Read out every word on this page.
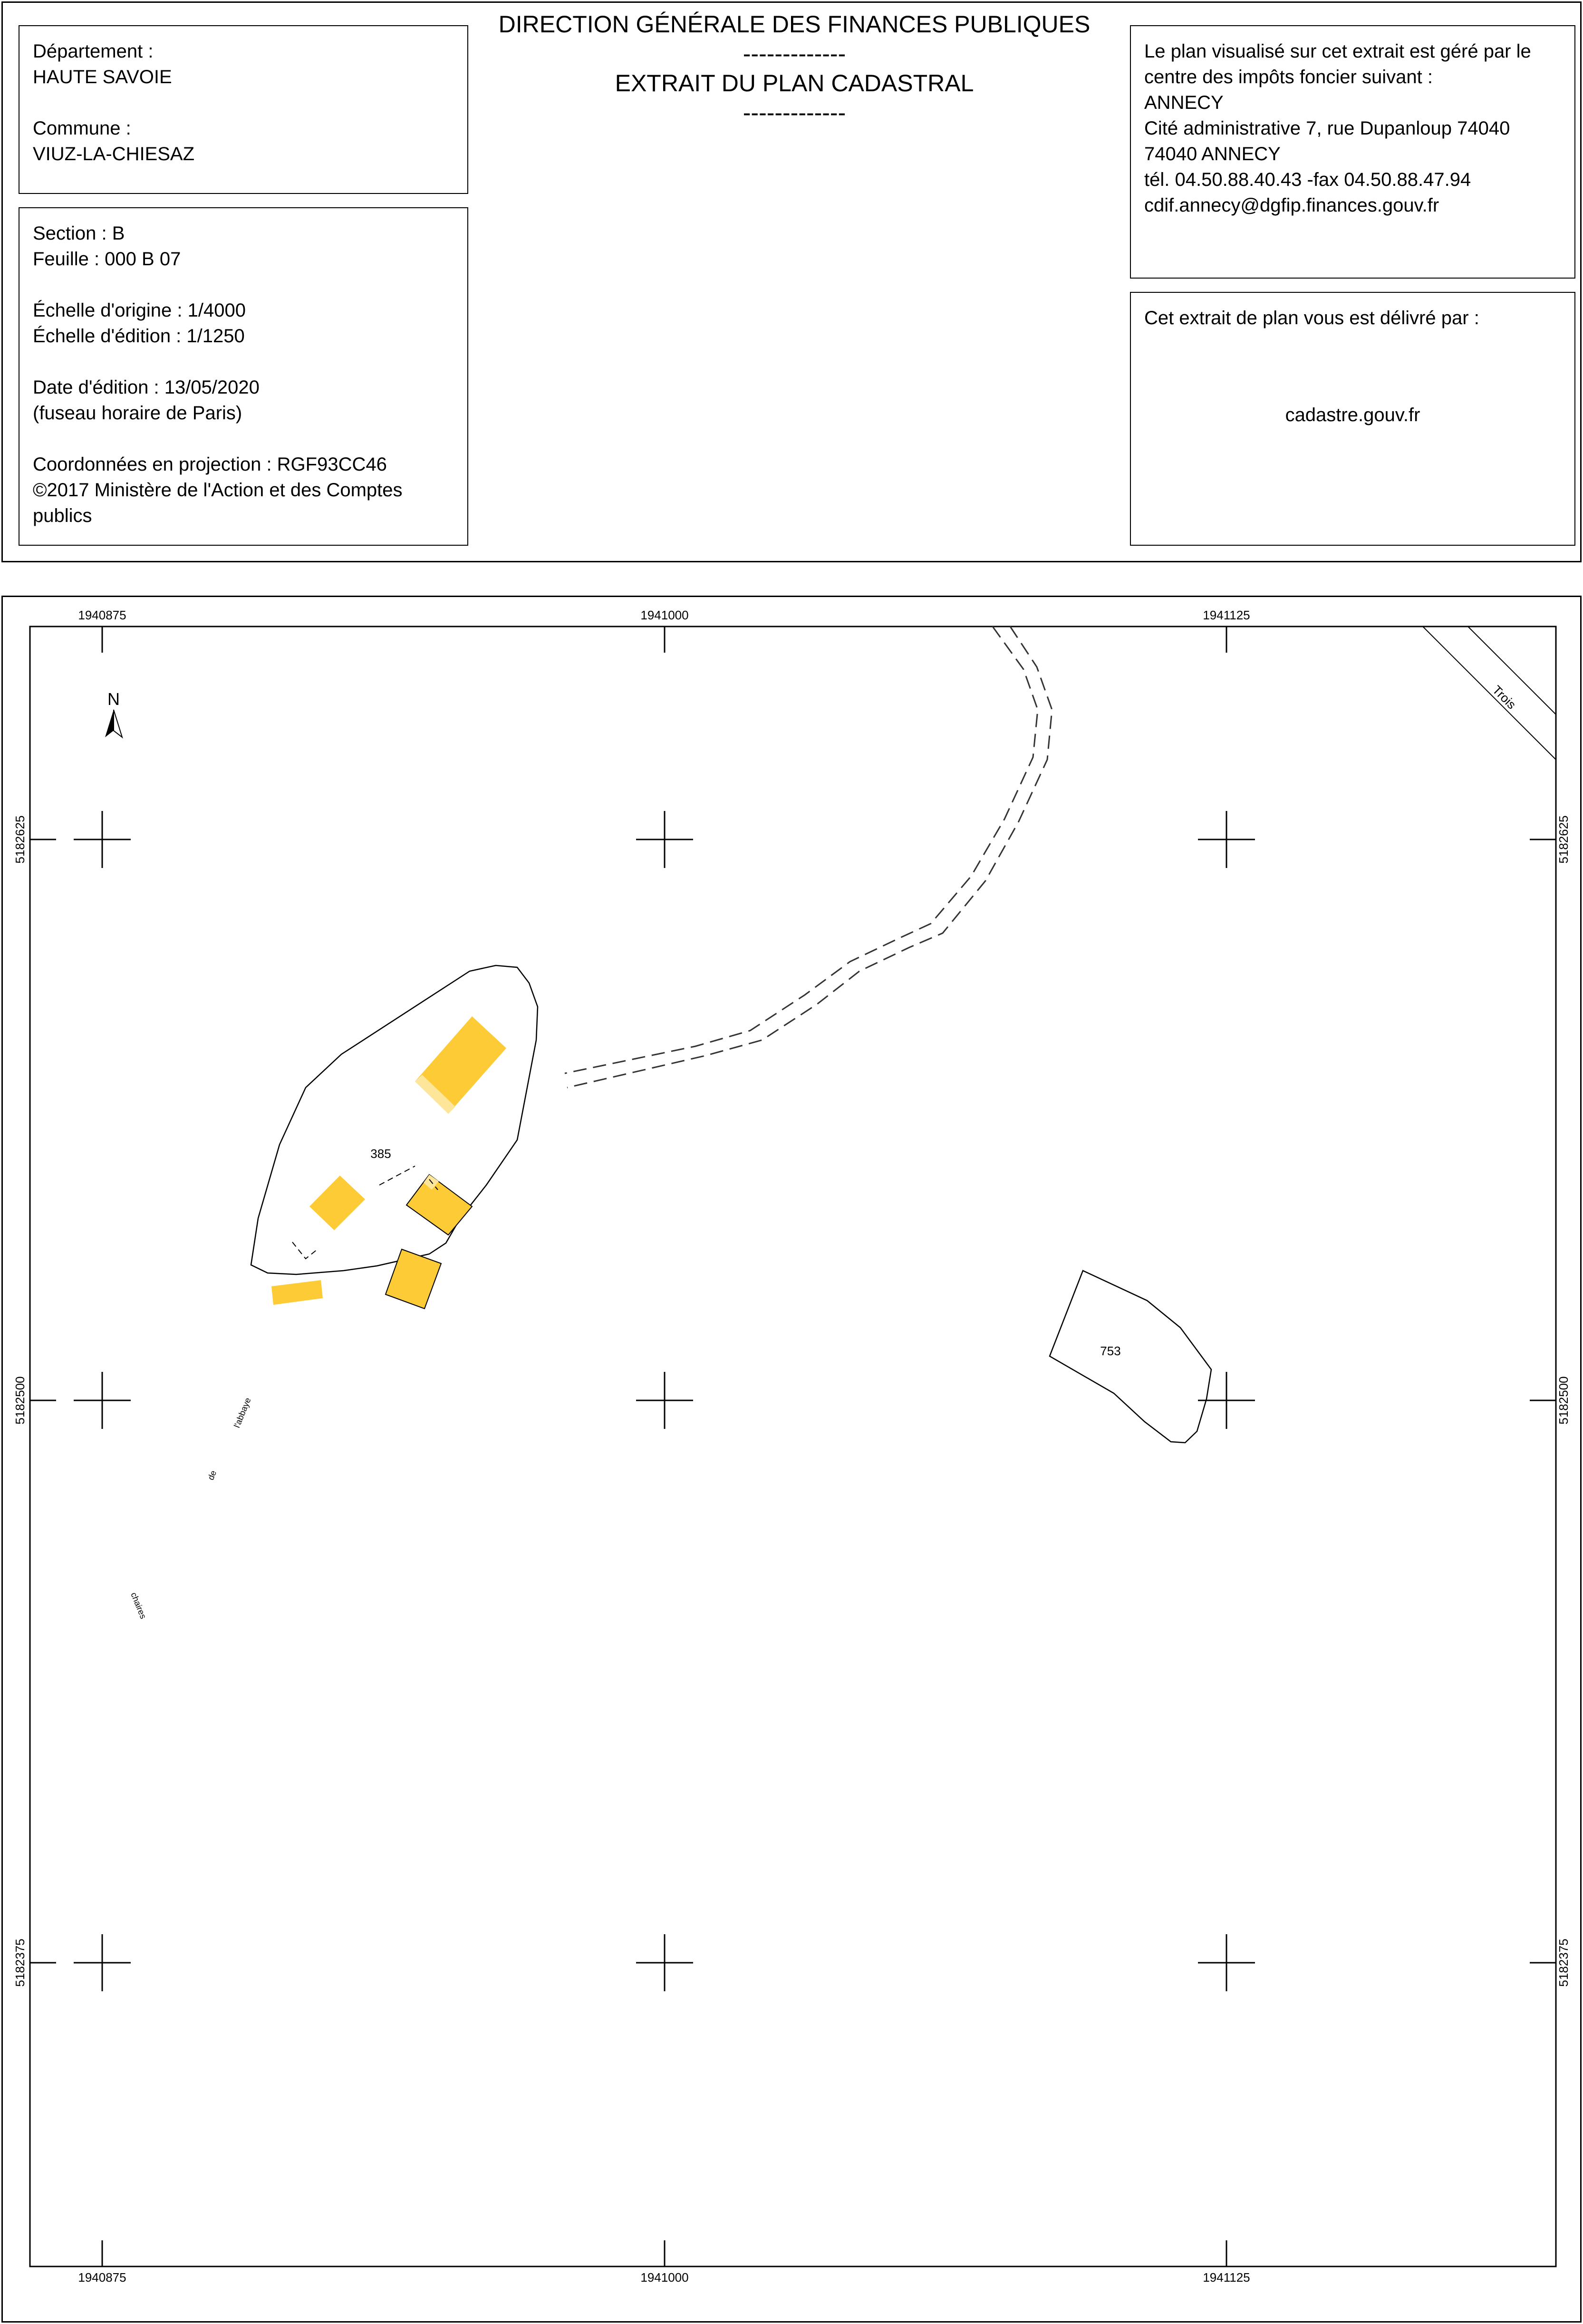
Département :
HAUTE SAVOIE
Commune :
VIUZ-LA-CHIESAZ
Section : B
Feuille : 000 B 07
Échelle d'origine : 1/4000
Échelle d'édition : 1/1250
Date d'édition : 13/05/2020
(fuseau horaire de Paris)
Coordonnées en projection : RGF93CC46
©2017 Ministère de l'Action et des Comptes
publics
DIRECTION GÉNÉRALE DES FINANCES PUBLIQUES
-------------
EXTRAIT DU PLAN CADASTRAL
-------------
Le plan visualisé sur cet extrait est géré par le
centre des impôts foncier suivant :
ANNECY
Cité administrative 7, rue Dupanloup 74040
74040 ANNECY
tél. 04.50.88.40.43 -fax 04.50.88.47.94
cdif.annecy@dgfip.finances.gouv.fr
Cet extrait de plan vous est délivré par :
cadastre.gouv.fr
1940875	1941000	1941125
1940875	1941000	1941125
5182625
5182500
5182375
5182625
5182500
5182375
N	Trois
385
753
l'abbaye
de
chaires
